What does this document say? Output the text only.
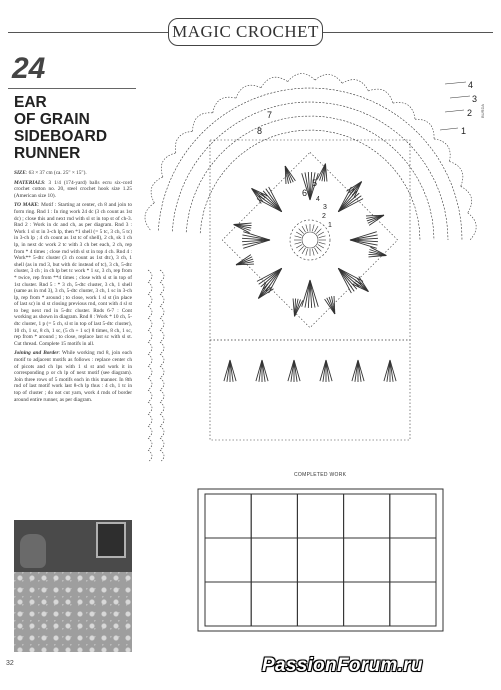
MAGIC CROCHET
24
EAR
OF GRAIN
SIDEBOARD
RUNNER

SIZE: 63 × 37 cm (ca. 25" × 15").

MATERIALS: 3 1/4 (174-yard) balls ecru six-cord crochet cotton no. 20, steel crochet hook size 1.25 (American size 10).

TO MAKE: Motif : Starting at center, ch 8 and join to form ring. Rnd 1 : In ring work 24 dc (3 ch count as 1st dc) ; close this and next rnd with sl st in top st of ch-3. Rnd 2 : Work in dc and ch, as per diagram. Rnd 3 : Work 1 sl st in 3-ch lp, then *1 shell (= 5 tc, 3 ch, 5 tc) in 3-ch lp ; 4 ch count as 1st tc of shell), 2 ch, sk 1 ch lp, in next dc work 2 tc with 3 ch bet each, 2 ch, rep from * 4 times ; close rnd with sl st in top 4 ch. Rnd 4 : Work** 5-dtc cluster (3 ch count as 1st dtc), 3 ch, 1 shell (as in rnd 3, but with dc instead of tc), 3 ch, 5-dtc cluster, 3 ch ; in ch lp bet tc work * 1 sc, 3 ch, rep from * twice, rep from **4 times ; close with sl st in top of 1st cluster. Rnd 5 : * 3 ch, 5-dtc cluster, 3 ch, 1 shell (same as in rnd 3), 3 ch, 5-dtc cluster, 3 ch, 1 sc in 3-ch lp, rep from * around ; to close, work 1 sl st (in place of last sc) in sl st closing previous rnd, cont with 4 sl st to beg next rnd in 5-dtc cluster. Rnds 6-7 : Cont working as shown in diagram. Rnd 8 : Work * 10 ch, 5-dtc cluster, 1 p (= 5 ch, sl st in top of last 5-dtc cluster), 10 ch, 1 sc, 8 ch, 1 sc, (5 ch + 1 sc) 8 times, 8 ch, 1 sc, rep from * around ; to close, replace last sc with sl st. Cut thread. Complete 15 motifs in all.

Joining and Border: While working rnd 8, join each motif to adjacent motifs as follows : replace center ch of picots and ch lps with 1 sl st and work it in corresponding p or ch lp of next motif (see diagram). Join three rows of 5 motifs each in this manner. In 8th rnd of last motif work last 8-ch lp thus : 4 ch, 1 tc in top of cluster ; do not cut yarn, work 4 rnds of border around entire runner, as per diagram.

32
1
2
3
4
5
6
7
8
1
2
3
4
BURDA
COMPLETED WORK
PassionForum.ru
